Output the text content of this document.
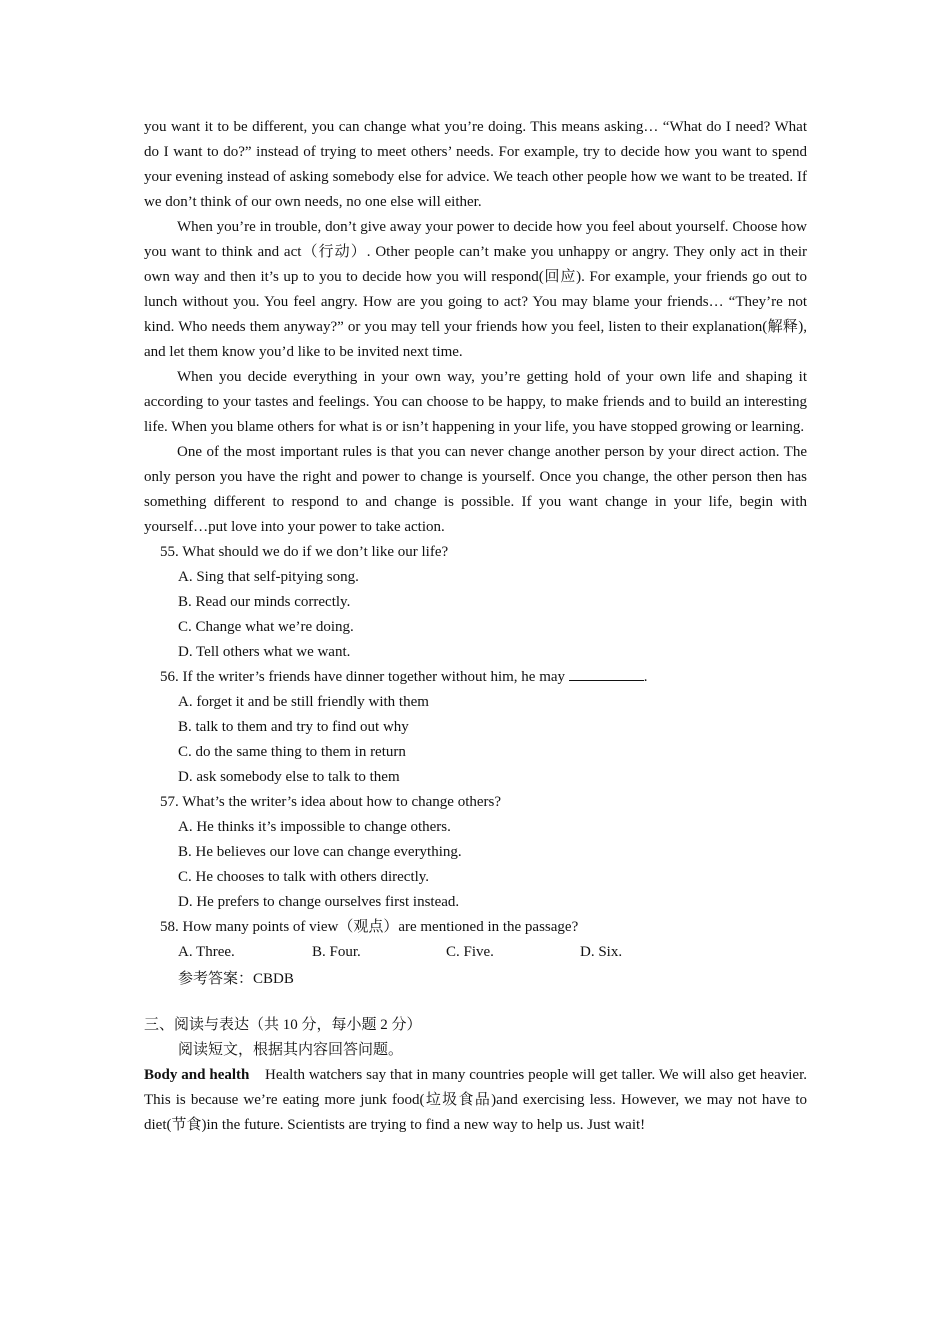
you want it to be different, you can change what you’re doing. This means asking… “What do I need? What do I want to do?” instead of trying to meet others’ needs. For example, try to decide how you want to spend your evening instead of asking somebody else for advice. We teach other people how we want to be treated. If we don’t think of our own needs, no one else will either.

When you’re in trouble, don’t give away your power to decide how you feel about yourself. Choose how you want to think and act（行动）. Other people can’t make you unhappy or angry. They only act in their own way and then it’s up to you to decide how you will respond(回应). For example, your friends go out to lunch without you. You feel angry. How are you going to act? You may blame your friends… “They’re not kind. Who needs them anyway?” or you may tell your friends how you feel, listen to their explanation(解释), and let them know you’d like to be invited next time.

When you decide everything in your own way, you’re getting hold of your own life and shaping it according to your tastes and feelings. You can choose to be happy, to make friends and to build an interesting life. When you blame others for what is or isn’t happening in your life, you have stopped growing or learning.

One of the most important rules is that you can never change another person by your direct action. The only person you have the right and power to change is yourself. Once you change, the other person then has something different to respond to and change is possible. If you want change in your life, begin with yourself…put love into your power to take action.

55. What should we do if we don’t like our life?

A. Sing that self-pitying song.

B. Read our minds correctly.

C. Change what we’re doing.

D. Tell others what we want.

56. If the writer’s friends have dinner together without him, he may	.

A. forget it and be still friendly with them

B. talk to them and try to find out why

C. do the same thing to them in return

D. ask somebody else to talk to them

57. What’s the writer’s idea about how to change others?

A. He thinks it’s impossible to change others.

B. He believes our love can change everything.

C. He chooses to talk with others directly.

D. He prefers to change ourselves first instead.

58. How many points of view（观点）are mentioned in the passage?

A. Three.	B. Four.	C. Five.	D. Six.

参考答案：CBDB

三、阅读与表达（共 10 分，每小题 2 分）

阅读短文，根据其内容回答问题。

Body and health Health watchers say that in many countries people will get taller. We will also get heavier. This is because we’re eating more junk food(垃圾食品)and exercising less. However, we may not have to diet(节食)in the future. Scientists are trying to find a new way to help us. Just wait!
